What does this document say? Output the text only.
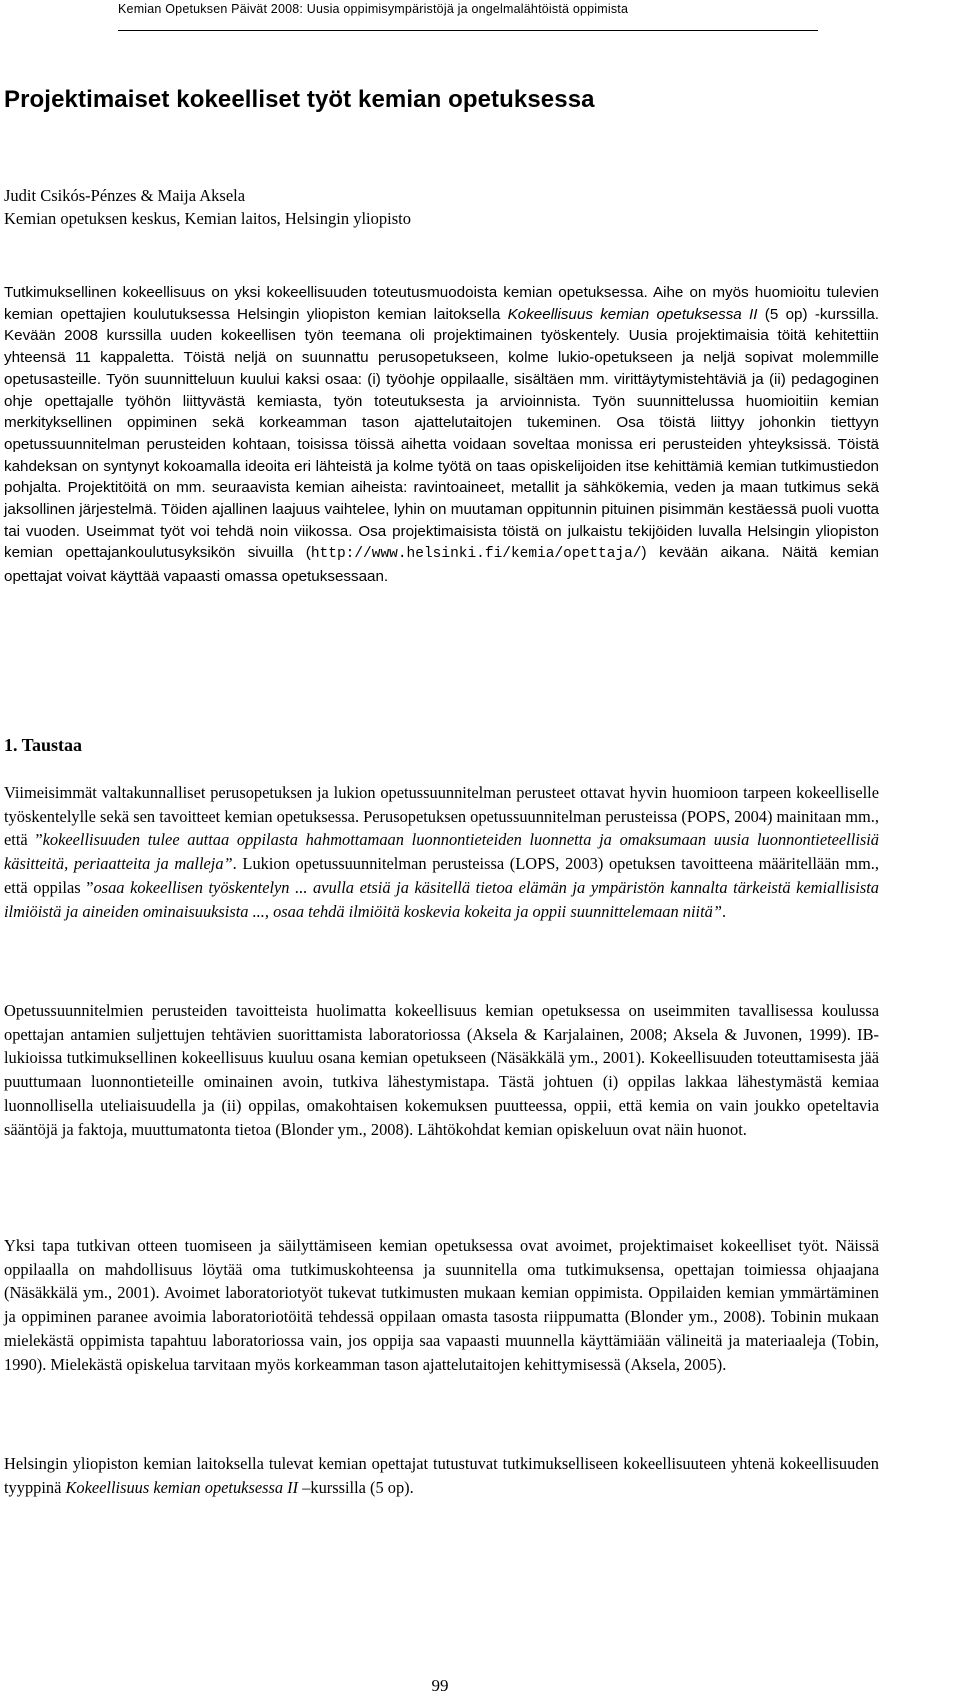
Kemian Opetuksen Päivät 2008: Uusia oppimisympäristöjä ja ongelmalähtöistä oppimista
Projektimaiset kokeelliset työt kemian opetuksessa
Judit Csikós-Pénzes & Maija Aksela
Kemian opetuksen keskus, Kemian laitos, Helsingin yliopisto
Tutkimuksellinen kokeellisuus on yksi kokeellisuuden toteutusmuodoista kemian opetuksessa. Aihe on myös huomioitu tulevien kemian opettajien koulutuksessa Helsingin yliopiston kemian laitoksella Kokeellisuus kemian opetuksessa II (5 op) -kurssilla. Kevään 2008 kurssilla uuden kokeellisen työn teemana oli projektimainen työskentely. Uusia projektimaisia töitä kehitettiin yhteensä 11 kappaletta. Töistä neljä on suunnattu perusopetukseen, kolme lukio-opetukseen ja neljä sopivat molemmille opetusasteille. Työn suunnitteluun kuului kaksi osaa: (i) työohje oppilaalle, sisältäen mm. virittäytymistehtäviä ja (ii) pedagoginen ohje opettajalle työhön liittyvästä kemiasta, työn toteutuksesta ja arvioinnista. Työn suunnittelussa huomioitiin kemian merkityksellinen oppiminen sekä korkeamman tason ajattelutaitojen tukeminen. Osa töistä liittyy johonkin tiettyyn opetussuunnitelman perusteiden kohtaan, toisissa töissä aihetta voidaan soveltaa monissa eri perusteiden yhteyksissä. Töistä kahdeksan on syntynyt kokoamalla ideoita eri lähteistä ja kolme työtä on taas opiskelijoiden itse kehittämiä kemian tutkimustiedon pohjalta. Projektitöitä on mm. seuraavista kemian aiheista: ravintoaineet, metallit ja sähkökemia, veden ja maan tutkimus sekä jaksollinen järjestelmä. Töiden ajallinen laajuus vaihtelee, lyhin on muutaman oppitunnin pituinen pisimmän kestäessä puoli vuotta tai vuoden. Useimmat työt voi tehdä noin viikossa. Osa projektimaisista töistä on julkaistu tekijöiden luvalla Helsingin yliopiston kemian opettajankoulutusyksikön sivuilla (http://www.helsinki.fi/kemia/opettaja/) kevään aikana. Näitä kemian opettajat voivat käyttää vapaasti omassa opetuksessaan.
1. Taustaa

Viimeisimmät valtakunnalliset perusopetuksen ja lukion opetussuunnitelman perusteet ottavat hyvin huomioon tarpeen kokeelliselle työskentelylle sekä sen tavoitteet kemian opetuksessa. Perusopetuksen opetussuunnitelman perusteissa (POPS, 2004) mainitaan mm., että ”kokeellisuuden tulee auttaa oppilasta hahmottamaan luonnontieteiden luonnetta ja omaksumaan uusia luonnontieteellisiä käsitteitä, periaatteita ja malleja”. Lukion opetussuunnitelman perusteissa (LOPS, 2003) opetuksen tavoitteena määritellään mm., että oppilas ”osaa kokeellisen työskentelyn ... avulla etsiä ja käsitellä tietoa elämän ja ympäristön kannalta tärkeistä kemiallisista ilmiöistä ja aineiden ominaisuuksista ..., osaa tehdä ilmiöitä koskevia kokeita ja oppii suunnittelemaan niitä”.

Opetussuunnitelmien perusteiden tavoitteista huolimatta kokeellisuus kemian opetuksessa on useimmiten tavallisessa koulussa opettajan antamien suljettujen tehtävien suorittamista laboratoriossa (Aksela & Karjalainen, 2008; Aksela & Juvonen, 1999). IB-lukioissa tutkimuksellinen kokeellisuus kuuluu osana kemian opetukseen (Näsäkkälä ym., 2001). Kokeellisuuden toteuttamisesta jää puuttumaan luonnontieteille ominainen avoin, tutkiva lähestymistapa. Tästä johtuen (i) oppilas lakkaa lähestymästä kemiaa luonnollisella uteliaisuudella ja (ii) oppilas, omakohtaisen kokemuksen puutteessa, oppii, että kemia on vain joukko opeteltavia sääntöjä ja faktoja, muuttumatonta tietoa (Blonder ym., 2008). Lähtökohdat kemian opiskeluun ovat näin huonot.

Yksi tapa tutkivan otteen tuomiseen ja säilyttämiseen kemian opetuksessa ovat avoimet, projektimaiset kokeelliset työt. Näissä oppilaalla on mahdollisuus löytää oma tutkimuskohteensa ja suunnitella oma tutkimuksensa, opettajan toimiessa ohjaajana (Näsäkkälä ym., 2001). Avoimet laboratoriotyöt tukevat tutkimusten mukaan kemian oppimista. Oppilaiden kemian ymmärtäminen ja oppiminen paranee avoimia laboratoriotöitä tehdessä oppilaan omasta tasosta riippumatta (Blonder ym., 2008). Tobinin mukaan mielekästä oppimista tapahtuu laboratoriossa vain, jos oppija saa vapaasti muunnella käyttämiään välineitä ja materiaaleja (Tobin, 1990). Mielekästä opiskelua tarvitaan myös korkeamman tason ajattelutaitojen kehittymisessä (Aksela, 2005).

Helsingin yliopiston kemian laitoksella tulevat kemian opettajat tutustuvat tutkimukselliseen kokeellisuuteen yhtenä kokeellisuuden tyyppinä Kokeellisuus kemian opetuksessa II –kurssilla (5 op).

99
